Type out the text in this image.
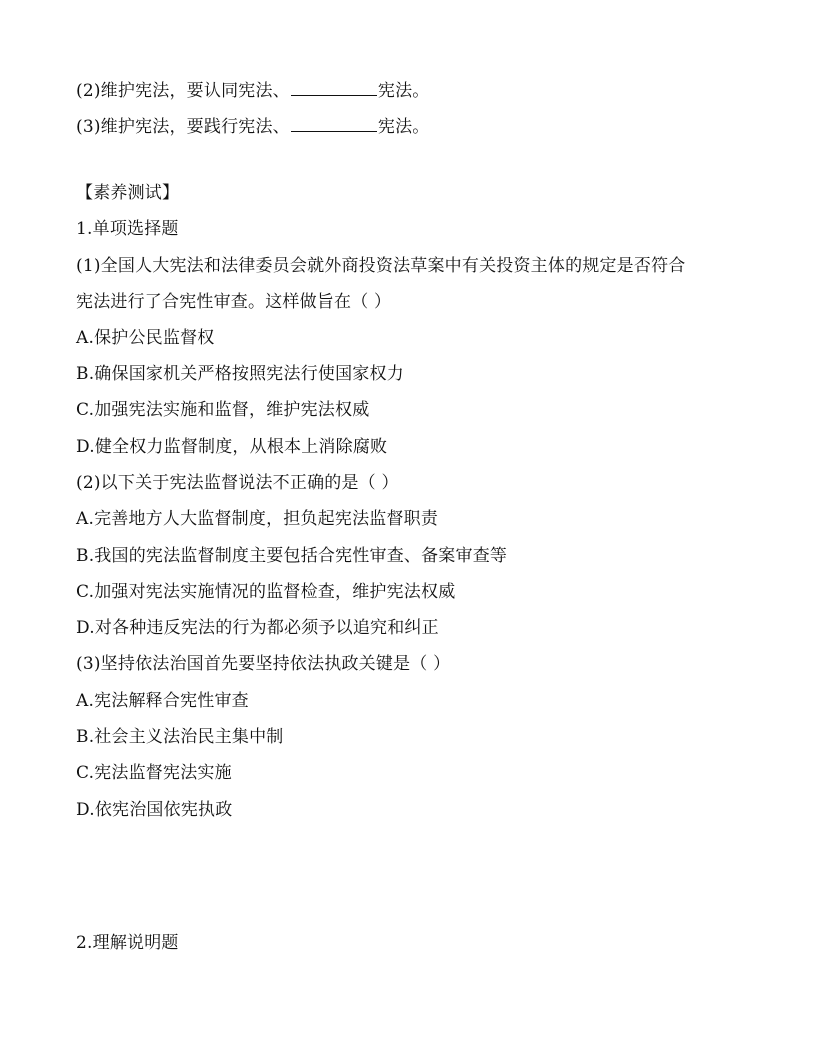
(2)维护宪法，要认同宪法、	宪法。
(3)维护宪法，要践行宪法、	宪法。
【素养测试】
1.单项选择题
(1)全国人大宪法和法律委员会就外商投资法草案中有关投资主体的规定是否符合
宪法进行了合宪性审查。这样做旨在（ ）
A.保护公民监督权
B.确保国家机关严格按照宪法行使国家权力
C.加强宪法实施和监督，维护宪法权威
D.健全权力监督制度，从根本上消除腐败
(2)以下关于宪法监督说法不正确的是（ ）
A.完善地方人大监督制度，担负起宪法监督职责
B.我国的宪法监督制度主要包括合宪性审查、备案审查等
C.加强对宪法实施情况的监督检查，维护宪法权威
D.对各种违反宪法的行为都必须予以追究和纠正
(3)坚持依法治国首先要坚持依法执政关键是（ ）
A.宪法解释合宪性审查
B.社会主义法治民主集中制
C.宪法监督宪法实施
D.依宪治国依宪执政
2.理解说明题
